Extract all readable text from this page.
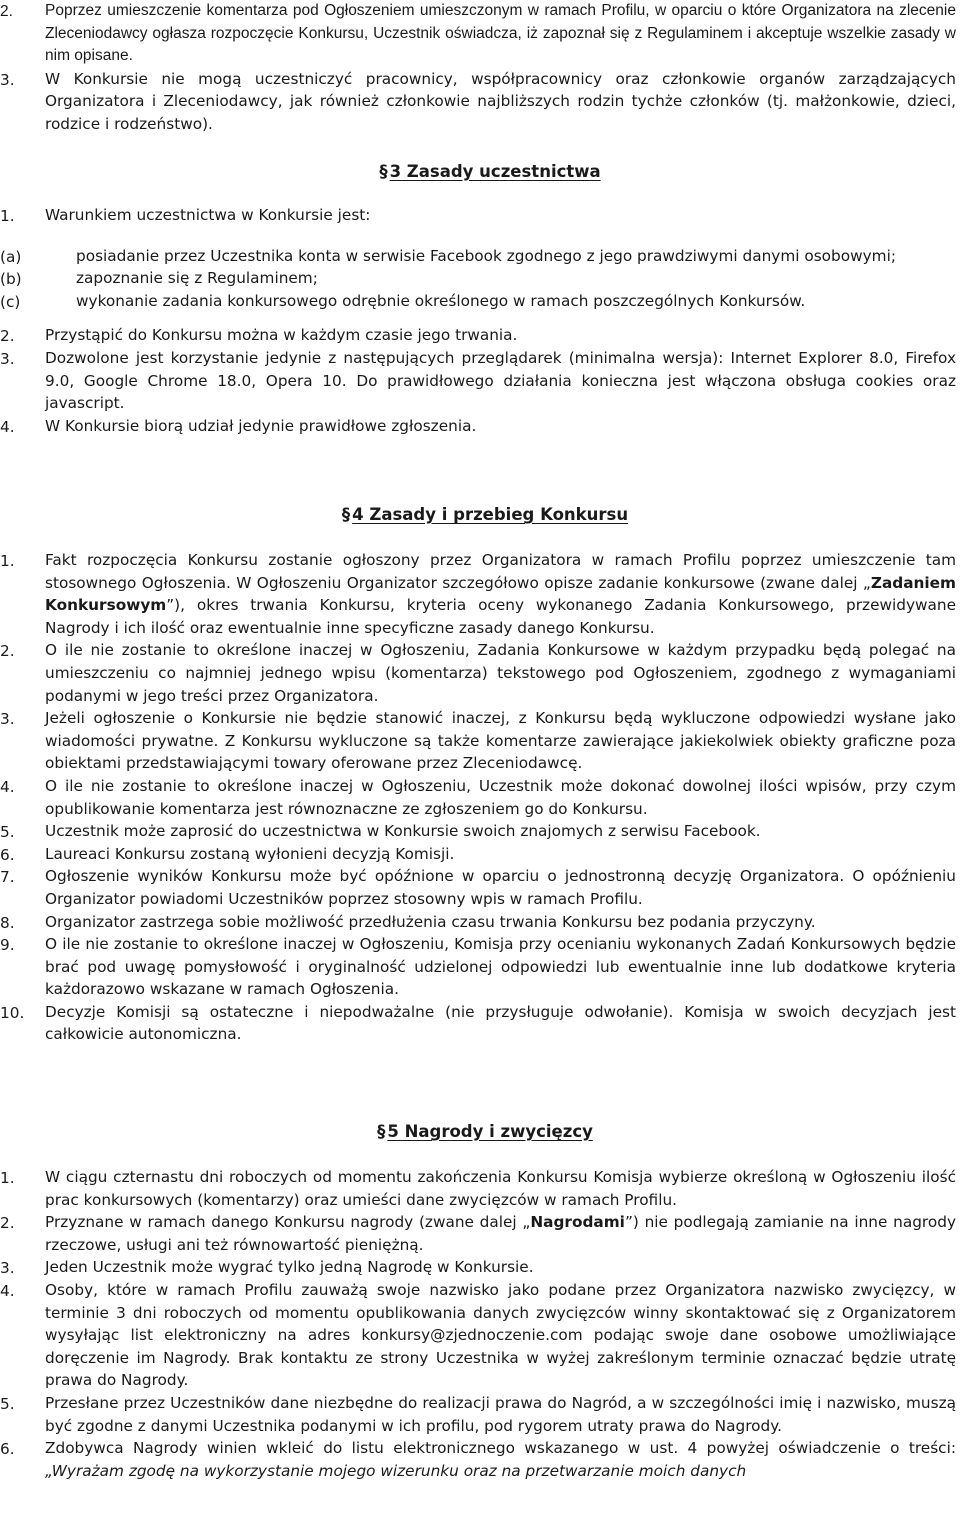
2.	Poprzez umieszczenie komentarza pod Ogłoszeniem umieszczonym w ramach Profilu, w oparciu o które Organizatora na zlecenie Zleceniodawcy ogłasza rozpoczęcie Konkursu, Uczestnik oświadcza, iż zapoznał się z Regulaminem i akceptuje wszelkie zasady w nim opisane.
3.	W Konkursie nie mogą uczestniczyć pracownicy, współpracownicy oraz członkowie organów zarządzających Organizatora i Zleceniodawcy, jak również członkowie najbliższych rodzin tychże członków (tj. małżonkowie, dzieci, rodzice i rodzeństwo).
§ 3 Zasady uczestnictwa
1.	Warunkiem uczestnictwa w Konkursie jest:
(a)	posiadanie przez Uczestnika konta w serwisie Facebook zgodnego z jego prawdziwymi danymi osobowymi;
(b)	zapoznanie się z Regulaminem;
(c)	wykonanie zadania konkursowego odrębnie określonego w ramach poszczególnych Konkursów.
2.	Przystąpić do Konkursu można w każdym czasie jego trwania.
3.	Dozwolone jest korzystanie jedynie z następujących przeglądarek (minimalna wersja): Internet Explorer 8.0, Firefox 9.0, Google Chrome 18.0, Opera 10. Do prawidłowego działania konieczna jest włączona obsługa cookies oraz javascript.
4.	W Konkursie biorą udział jedynie prawidłowe zgłoszenia.
§ 4 Zasady i przebieg Konkursu
1.	Fakt rozpoczęcia Konkursu zostanie ogłoszony przez Organizatora w ramach Profilu poprzez umieszczenie tam stosownego Ogłoszenia. W Ogłoszeniu Organizator szczegółowo opisze zadanie konkursowe (zwane dalej „Zadaniem Konkursowym”), okres trwania Konkursu, kryteria oceny wykonanego Zadania Konkursowego, przewidywane Nagrody i ich ilość oraz ewentualnie inne specyficzne zasady danego Konkursu.
2.	O ile nie zostanie to określone inaczej w Ogłoszeniu, Zadania Konkursowe w każdym przypadku będą polegać na umieszczeniu co najmniej jednego wpisu (komentarza) tekstowego pod Ogłoszeniem, zgodnego z wymaganiami podanymi w jego treści przez Organizatora.
3.	Jeżeli ogłoszenie o Konkursie nie będzie stanowić inaczej, z Konkursu będą wykluczone odpowiedzi wysłane jako wiadomości prywatne. Z Konkursu wykluczone są także komentarze zawierające jakiekolwiek obiekty graficzne poza obiektami przedstawiającymi towary oferowane przez Zleceniodawcę.
4.	O ile nie zostanie to określone inaczej w Ogłoszeniu, Uczestnik może dokonać dowolnej ilości wpisów, przy czym opublikowanie komentarza jest równoznaczne ze zgłoszeniem go do Konkursu.
5.	Uczestnik może zaprosić do uczestnictwa w Konkursie swoich znajomych z serwisu Facebook.
6.	Laureaci Konkursu zostaną wyłonieni decyzją Komisji.
7.	Ogłoszenie wyników Konkursu może być opóźnione w oparciu o jednostronną decyzję Organizatora. O opóźnieniu Organizator powiadomi Uczestników poprzez stosowny wpis w ramach Profilu.
8.	Organizator zastrzega sobie możliwość przedłużenia czasu trwania Konkursu bez podania przyczyny.
9.	O ile nie zostanie to określone inaczej w Ogłoszeniu, Komisja przy ocenianiu wykonanych Zadań Konkursowych będzie brać pod uwagę pomysłowość i oryginalność udzielonej odpowiedzi lub ewentualnie inne lub dodatkowe kryteria każdorazowo wskazane w ramach Ogłoszenia.
10.	Decyzje Komisji są ostateczne i niepodważalne (nie przysługuje odwołanie). Komisja w swoich decyzjach jest całkowicie autonomiczna.
§ 5 Nagrody i zwycięzcy
1.	W ciągu czternastu dni roboczych od momentu zakończenia Konkursu Komisja wybierze określoną w Ogłoszeniu ilość prac konkursowych (komentarzy) oraz umieści dane zwycięzców w ramach Profilu.
2.	Przyznane w ramach danego Konkursu nagrody (zwane dalej „Nagrodami”) nie podlegają zamianie na inne nagrody rzeczowe, usługi ani też równowartość pieniężną.
3.	Jeden Uczestnik może wygrać tylko jedną Nagrodę w Konkursie.
4.	Osoby, które w ramach Profilu zauważą swoje nazwisko jako podane przez Organizatora nazwisko zwycięzcy, w terminie 3 dni roboczych od momentu opublikowania danych zwycięzców winny skontaktować się z Organizatorem wysyłając list elektroniczny na adres konkursy@zjednoczenie.com podając swoje dane osobowe umożliwiające doręczenie im Nagrody. Brak kontaktu ze strony Uczestnika w wyżej zakreślonym terminie oznaczać będzie utratę prawa do Nagrody.
5.	Przesłane przez Uczestników dane niezbędne do realizacji prawa do Nagród, a w szczególności imię i nazwisko, muszą być zgodne z danymi Uczestnika podanymi w ich profilu, pod rygorem utraty prawa do Nagrody.
6.	Zdobywca Nagrody winien wkleić do listu elektronicznego wskazanego w ust. 4 powyżej oświadczenie o treści: „Wyrażam zgodę na wykorzystanie mojego wizerunku oraz na przetwarzanie moich danych
